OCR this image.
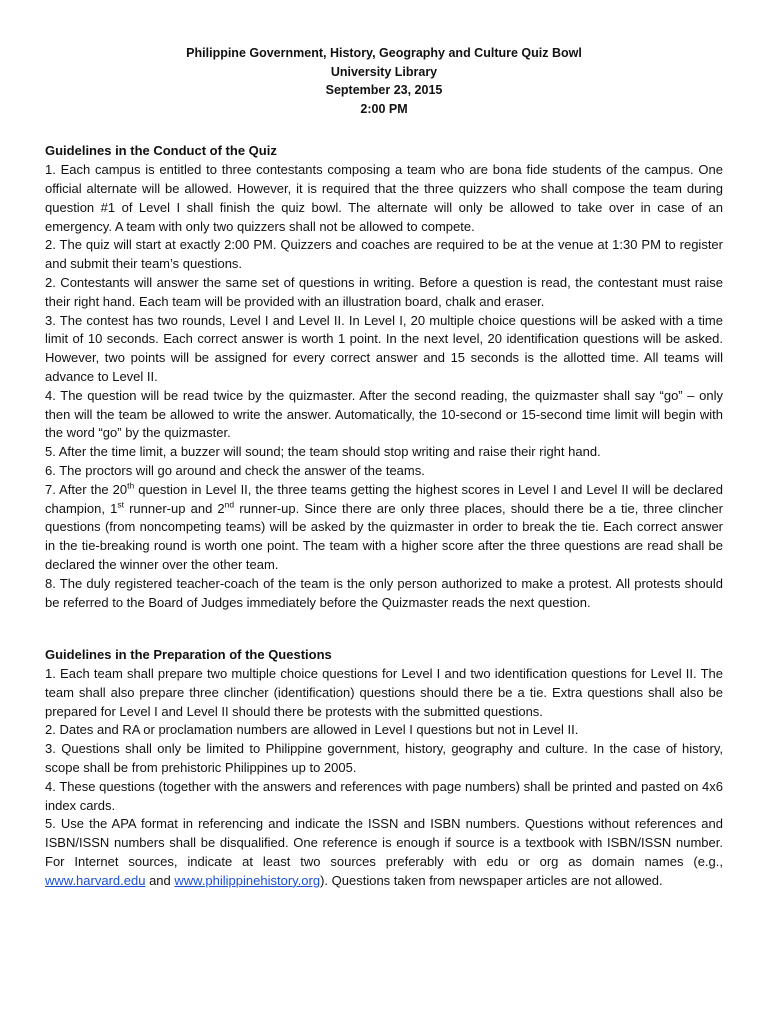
Philippine Government, History, Geography and Culture Quiz Bowl
University Library
September 23, 2015
2:00 PM
Guidelines in the Conduct of the Quiz
1. Each campus is entitled to three contestants composing a team who are bona fide students of the campus. One official alternate will be allowed. However, it is required that the three quizzers who shall compose the team during question #1 of Level I shall finish the quiz bowl. The alternate will only be allowed to take over in case of an emergency. A team with only two quizzers shall not be allowed to compete.
2. The quiz will start at exactly 2:00 PM. Quizzers and coaches are required to be at the venue at 1:30 PM to register and submit their team’s questions.
2. Contestants will answer the same set of questions in writing. Before a question is read, the contestant must raise their right hand. Each team will be provided with an illustration board, chalk and eraser.
3. The contest has two rounds, Level I and Level II. In Level I, 20 multiple choice questions will be asked with a time limit of 10 seconds. Each correct answer is worth 1 point. In the next level, 20 identification questions will be asked. However, two points will be assigned for every correct answer and 15 seconds is the allotted time. All teams will advance to Level II.
4. The question will be read twice by the quizmaster. After the second reading, the quizmaster shall say “go” – only then will the team be allowed to write the answer. Automatically, the 10-second or 15-second time limit will begin with the word “go” by the quizmaster.
5. After the time limit, a buzzer will sound; the team should stop writing and raise their right hand.
6. The proctors will go around and check the answer of the teams.
7. After the 20th question in Level II, the three teams getting the highest scores in Level I and Level II will be declared champion, 1st runner-up and 2nd runner-up. Since there are only three places, should there be a tie, three clincher questions (from noncompeting teams) will be asked by the quizmaster in order to break the tie. Each correct answer in the tie-breaking round is worth one point. The team with a higher score after the three questions are read shall be declared the winner over the other team.
8. The duly registered teacher-coach of the team is the only person authorized to make a protest. All protests should be referred to the Board of Judges immediately before the Quizmaster reads the next question.
Guidelines in the Preparation of the Questions
1. Each team shall prepare two multiple choice questions for Level I and two identification questions for Level II. The team shall also prepare three clincher (identification) questions should there be a tie. Extra questions shall also be prepared for Level I and Level II should there be protests with the submitted questions.
2. Dates and RA or proclamation numbers are allowed in Level I questions but not in Level II.
3. Questions shall only be limited to Philippine government, history, geography and culture. In the case of history, scope shall be from prehistoric Philippines up to 2005.
4. These questions (together with the answers and references with page numbers) shall be printed and pasted on 4x6 index cards.
5. Use the APA format in referencing and indicate the ISSN and ISBN numbers. Questions without references and ISBN/ISSN numbers shall be disqualified. One reference is enough if source is a textbook with ISBN/ISSN number. For Internet sources, indicate at least two sources preferably with edu or org as domain names (e.g., www.harvard.edu and www.philippinehistory.org). Questions taken from newspaper articles are not allowed.
